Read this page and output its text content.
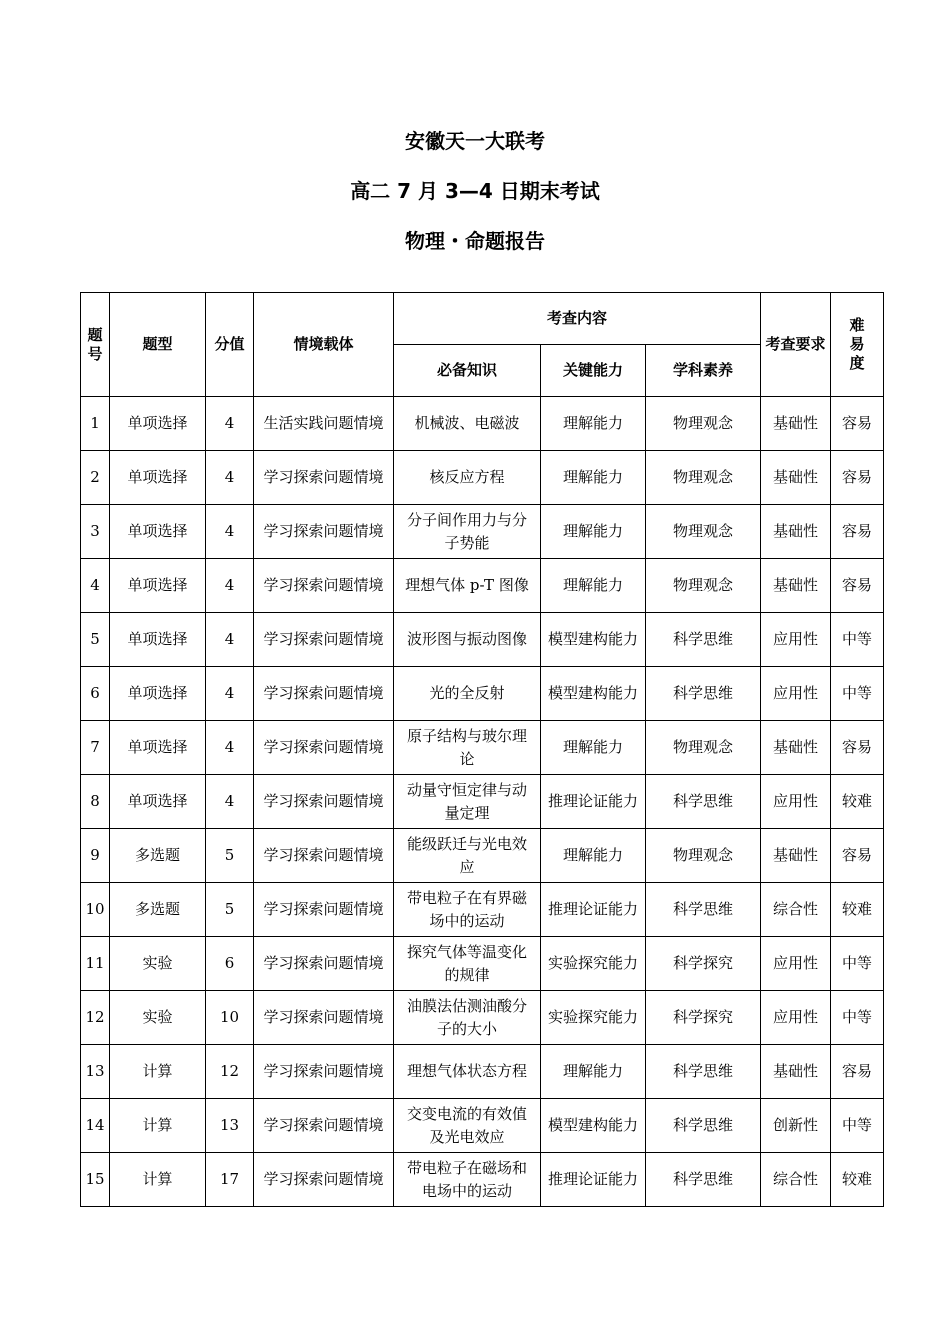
安徽天一大联考
高二 7 月 3—4 日期末考试
物理・命题报告
题号	题型	分值	情境载体	考查内容			考查要求	难易度
				必备知识	关键能力	学科素养		
1	单项选择	4	生活实践问题情境	机械波、电磁波	理解能力	物理观念	基础性	容易
2	单项选择	4	学习探索问题情境	核反应方程	理解能力	物理观念	基础性	容易
3	单项选择	4	学习探索问题情境	分子间作用力与分子势能	理解能力	物理观念	基础性	容易
4	单项选择	4	学习探索问题情境	理想气体 p-T 图像	理解能力	物理观念	基础性	容易
5	单项选择	4	学习探索问题情境	波形图与振动图像	模型建构能力	科学思维	应用性	中等
6	单项选择	4	学习探索问题情境	光的全反射	模型建构能力	科学思维	应用性	中等
7	单项选择	4	学习探索问题情境	原子结构与玻尔理论	理解能力	物理观念	基础性	容易
8	单项选择	4	学习探索问题情境	动量守恒定律与动量定理	推理论证能力	科学思维	应用性	较难
9	多选题	5	学习探索问题情境	能级跃迁与光电效应	理解能力	物理观念	基础性	容易
10	多选题	5	学习探索问题情境	带电粒子在有界磁场中的运动	推理论证能力	科学思维	综合性	较难
11	实验	6	学习探索问题情境	探究气体等温变化的规律	实验探究能力	科学探究	应用性	中等
12	实验	10	学习探索问题情境	油膜法估测油酸分子的大小	实验探究能力	科学探究	应用性	中等
13	计算	12	学习探索问题情境	理想气体状态方程	理解能力	科学思维	基础性	容易
14	计算	13	学习探索问题情境	交变电流的有效值及光电效应	模型建构能力	科学思维	创新性	中等
15	计算	17	学习探索问题情境	带电粒子在磁场和电场中的运动	推理论证能力	科学思维	综合性	较难
